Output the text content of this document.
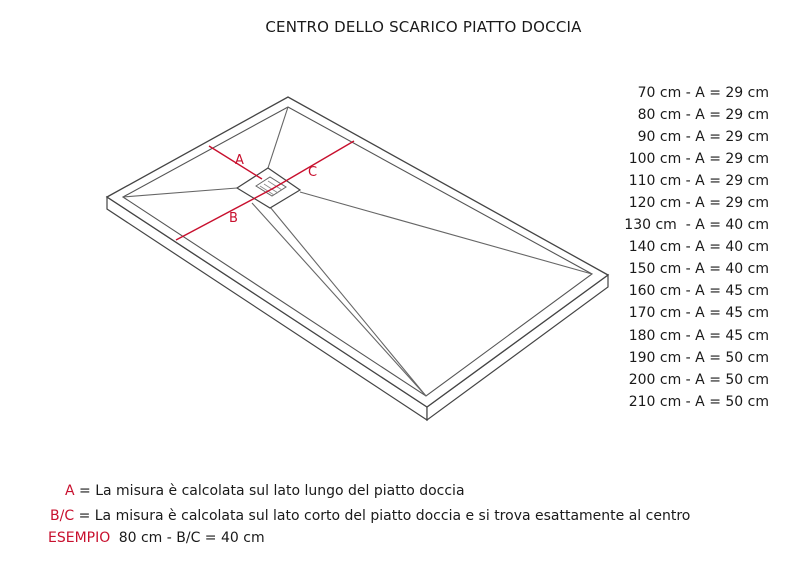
CENTRO DELLO SCARICO PIATTO DOCCIA
A
B
C
70 cm - A = 29 cm
80 cm - A = 29 cm
90 cm - A = 29 cm
100 cm - A = 29 cm
110 cm - A = 29 cm
120 cm - A = 29 cm
130 cm  - A = 40 cm
140 cm - A = 40 cm
150 cm - A = 40 cm
160 cm - A = 45 cm
170 cm - A = 45 cm
180 cm - A = 45 cm
190 cm - A = 50 cm
200 cm - A = 50 cm
210 cm - A = 50 cm
A = La misura è calcolata sul lato lungo del piatto doccia
B/C = La misura è calcolata sul lato corto del piatto doccia e si trova esattamente al centro
ESEMPIO 80 cm - B/C = 40 cm
